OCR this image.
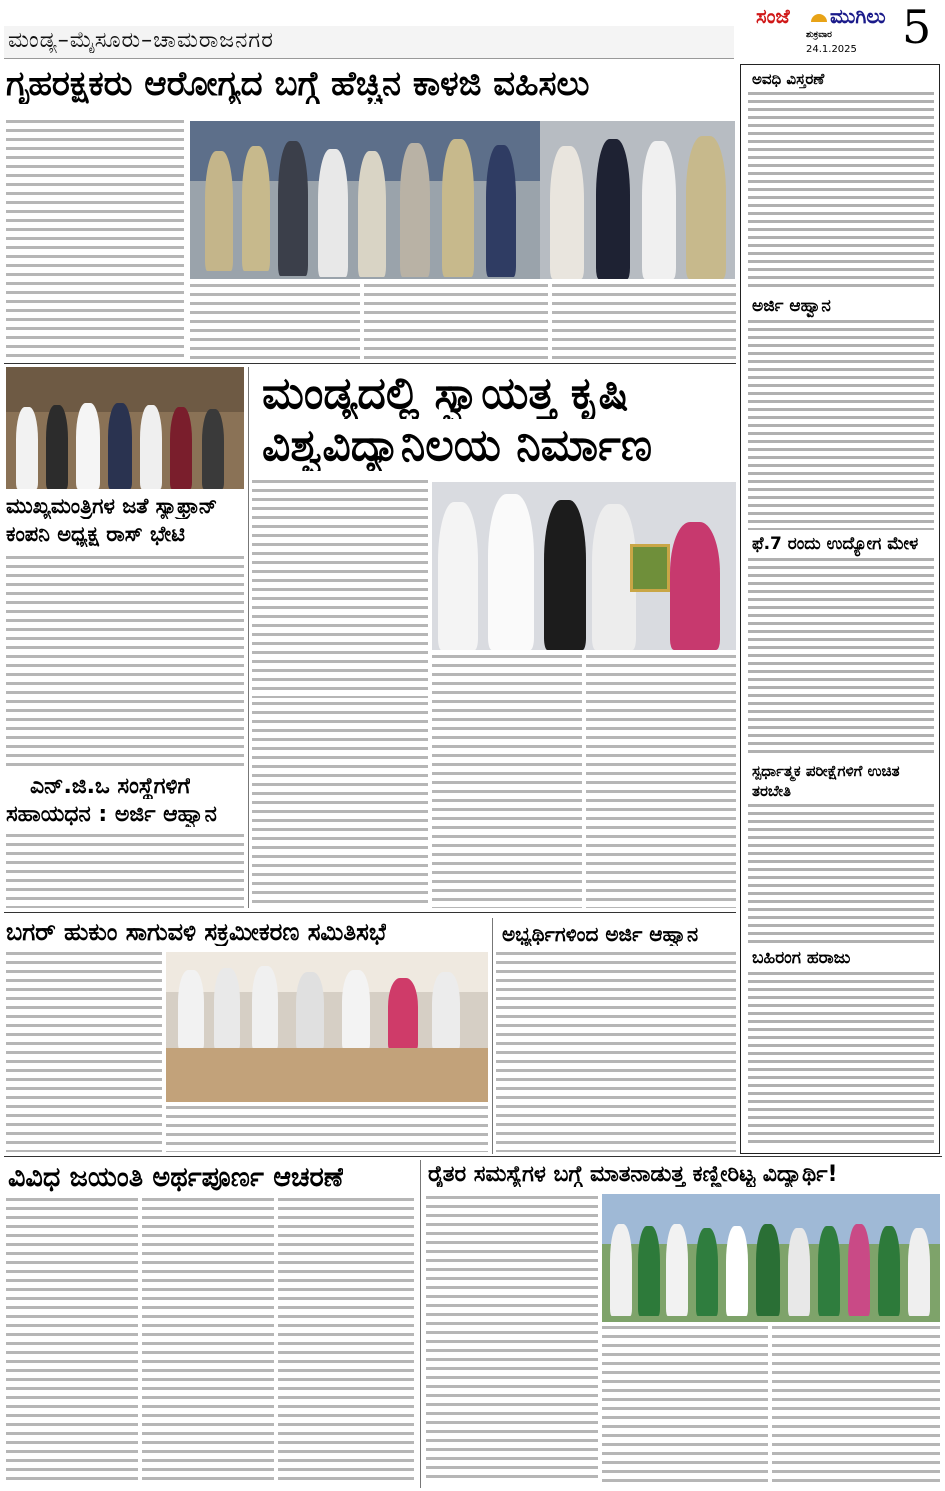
ಮಂಡ್ಯ–ಮೈಸೂರು–ಚಾಮರಾಜನಗರ
ಸಂಜೆ ಮುಗಿಲು
ಶುಕ್ರವಾರ
24.1.2025 5
ಗೃಹರಕ್ಷಕರು ಆರೋಗ್ಯದ ಬಗ್ಗೆ ಹೆಚ್ಚಿನ ಕಾಳಜಿ ವಹಿಸಲು
ಮಂಡ್ಯದಲ್ಲಿ ಸ್ವಾಯತ್ತ ಕೃಷಿ
ವಿಶ್ವವಿದ್ಯಾನಿಲಯ ನಿರ್ಮಾಣ
ಮುಖ್ಯಮಂತ್ರಿಗಳ ಜತೆ ಸ್ಯಾಫ್ರಾನ್
ಕಂಪನಿ ಅಧ್ಯಕ್ಷ ರಾಸ್ ಭೇಟಿ
ಎನ್.ಜಿ.ಒ ಸಂಸ್ಥೆಗಳಿಗೆ
ಸಹಾಯಧನ : ಅರ್ಜಿ ಆಹ್ವಾನ
ಬಗರ್ ಹುಕುಂ ಸಾಗುವಳಿ ಸಕ್ರಮೀಕರಣ ಸಮಿತಿಸಭೆ	ಅಭ್ಯರ್ಥಿಗಳಿಂದ ಅರ್ಜಿ ಆಹ್ವಾನ
ವಿವಿಧ ಜಯಂತಿ ಅರ್ಥಪೂರ್ಣ ಆಚರಣೆ	ರೈತರ ಸಮಸ್ಯೆಗಳ ಬಗ್ಗೆ ಮಾತನಾಡುತ್ತ ಕಣ್ಣೀರಿಟ್ಟ ವಿದ್ಯಾರ್ಥಿ!
ಅವಧಿ ವಿಸ್ತರಣೆ
ಅರ್ಜಿ ಆಹ್ವಾನ
ಫೆ.7 ರಂದು ಉದ್ಯೋಗ ಮೇಳ
ಸ್ಪರ್ಧಾತ್ಮಕ ಪರೀಕ್ಷೆಗಳಿಗೆ ಉಚಿತ
ತರಬೇತಿ
ಬಹಿರಂಗ ಹರಾಜು
